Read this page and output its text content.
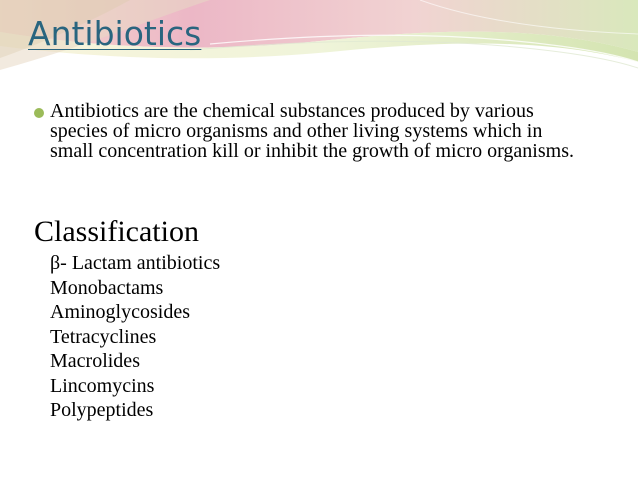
Antibiotics

Antibiotics are the chemical substances produced by various species of micro organisms and other living systems which in small concentration kill or inhibit the growth of micro organisms.

Classification
β- Lactam antibiotics
Monobactams
Aminoglycosides
Tetracyclines
Macrolides
Lincomycins
Polypeptides
